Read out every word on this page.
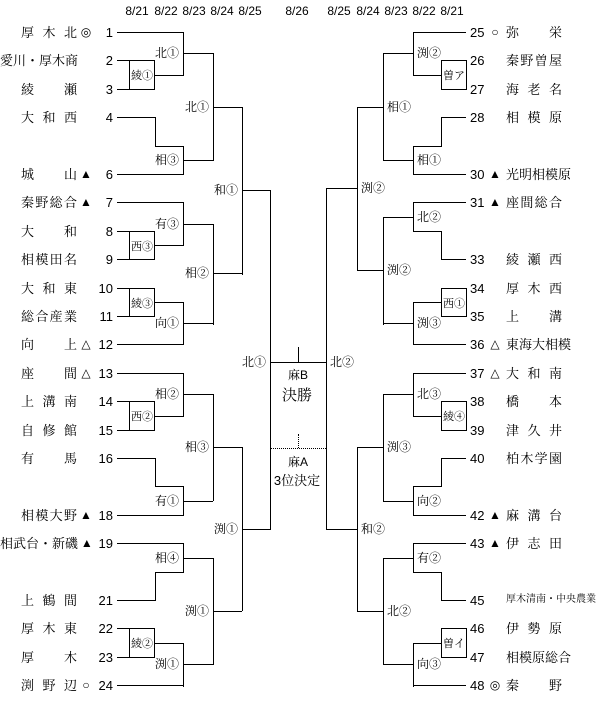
麻B
決勝
麻A
3位決定
綾①
西③
綾③
西②
綾②
厚 木 北 ◎	1
愛川・厚木商	2
綾 瀬	3
大 和 西	4
城 山 ▲	6
秦 野 総 合 ▲	7
大 和	8
相 模 田 名	9
大 和 東 10
総 合 産 業	11
向 上 △ 12
座 間 △ 13
上 溝 南 14
自 修 館 15
有 馬 16
相 模 大 野 ▲ 18
相武台・新磯 ▲ 19
上 鶴 間 21
厚 木 東 22
厚 木 23
渕 野 辺 ○ 24
北①
相③
有③
向①
相②
有①
相④
渕①
北①
相②
相③
渕①
和①
渕①
北①
曽ア
西①
綾④
曽イ
25 ○ 弥 栄
26 秦 野 曽 屋
27 海 老 名
28 相 模 原
30 ▲ 光明相模原
31 ▲ 座 間 総 合
33 綾 瀬 西
34 厚 木 西
35 上 溝
36 △ 東海大相模
37 △ 大 和 南
38 橋 本
39 津 久 井
40 柏 木 学 園
42 ▲ 麻 溝 台
43 ▲ 伊 志 田
45	厚木清南・中央農業
46 伊 勢 原
47 相模原総合
48 ◎ 秦 野
渕②
相①
北②
渕③
北③
向②
有②
向③
相①
渕②
渕③
北②
渕②
和②
北②
8/21 8/22 8/23 8/24 8/25 8/26 8/25 8/24 8/23 8/22 8/21
